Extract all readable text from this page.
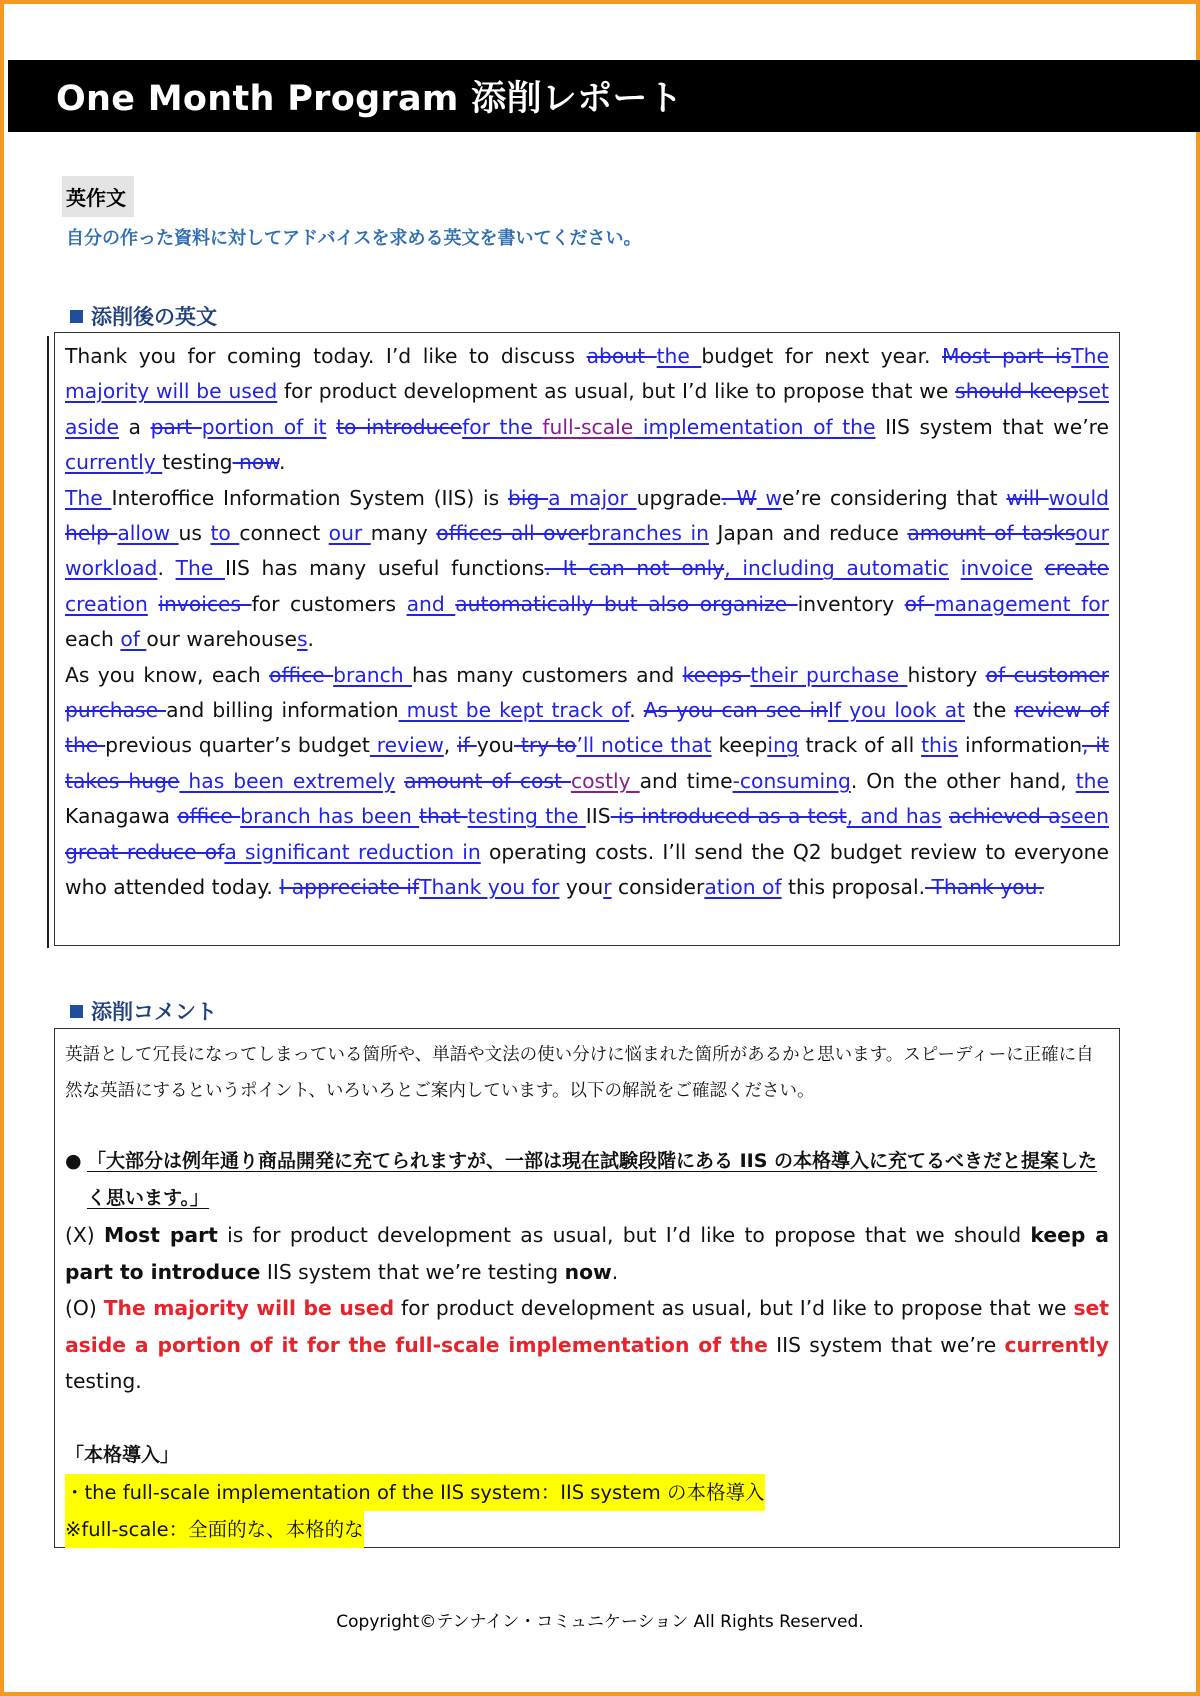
One Month Program 添削レポート
英作文
自分の作った資料に対してアドバイスを求める英文を書いてください。
添削後の英文

Thank you for coming today. I’d like to discuss about the budget for next year. Most part isThe majority will be used for product development as usual, but I’d like to propose that we should keepset aside a part portion of it to introducefor the full-scale implementation of the IIS system that we’re currently testing now.

The Interoffice Information System (IIS) is big a major upgrade. W we’re considering that will would help allow us to connect our many offices all overbranches in Japan and reduce amount of tasksour workload. The IIS has many useful functions. It can not only, including automatic invoice create creation invoices for customers and automatically but also organize inventory of management for each of our warehouses.

As you know, each office branch has many customers and keeps their purchase history of customer purchase and billing information must be kept track of. As you can see inIf you look at the review of the previous quarter’s budget review, if you try to’ll notice that keeping track of all this information, it takes huge has been extremely amount of cost costly and time-consuming. On the other hand, the Kanagawa office branch has been that testing the IIS is introduced as a test, and has achieved aseen great reduce ofa significant reduction in operating costs. I’ll send the Q2 budget review to everyone who attended today. I appreciate ifThank you for your consideration of this proposal. Thank you.

添削コメント

英語として冗長になってしまっている箇所や、単語や文法の使い分けに悩まれた箇所があるかと思います。スピーディーに正確に自然な英語にするというポイント、いろいろとご案内しています。以下の解説をご確認ください。

● 「大部分は例年通り商品開発に充てられますが、一部は現在試験段階にある IIS の本格導入に充てるべきだと提案したく思います。」

(X) Most part is for product development as usual, but I’d like to propose that we should keep a part to introduce IIS system that we’re testing now.

(O) The majority will be used for product development as usual, but I’d like to propose that we set aside a portion of it for the full-scale implementation of the IIS system that we’re currently testing.

「本格導入」

・the full-scale implementation of the IIS system：IIS system の本格導入
※full-scale：全面的な、本格的な
Copyright©テンナイン・コミュニケーション All Rights Reserved.
